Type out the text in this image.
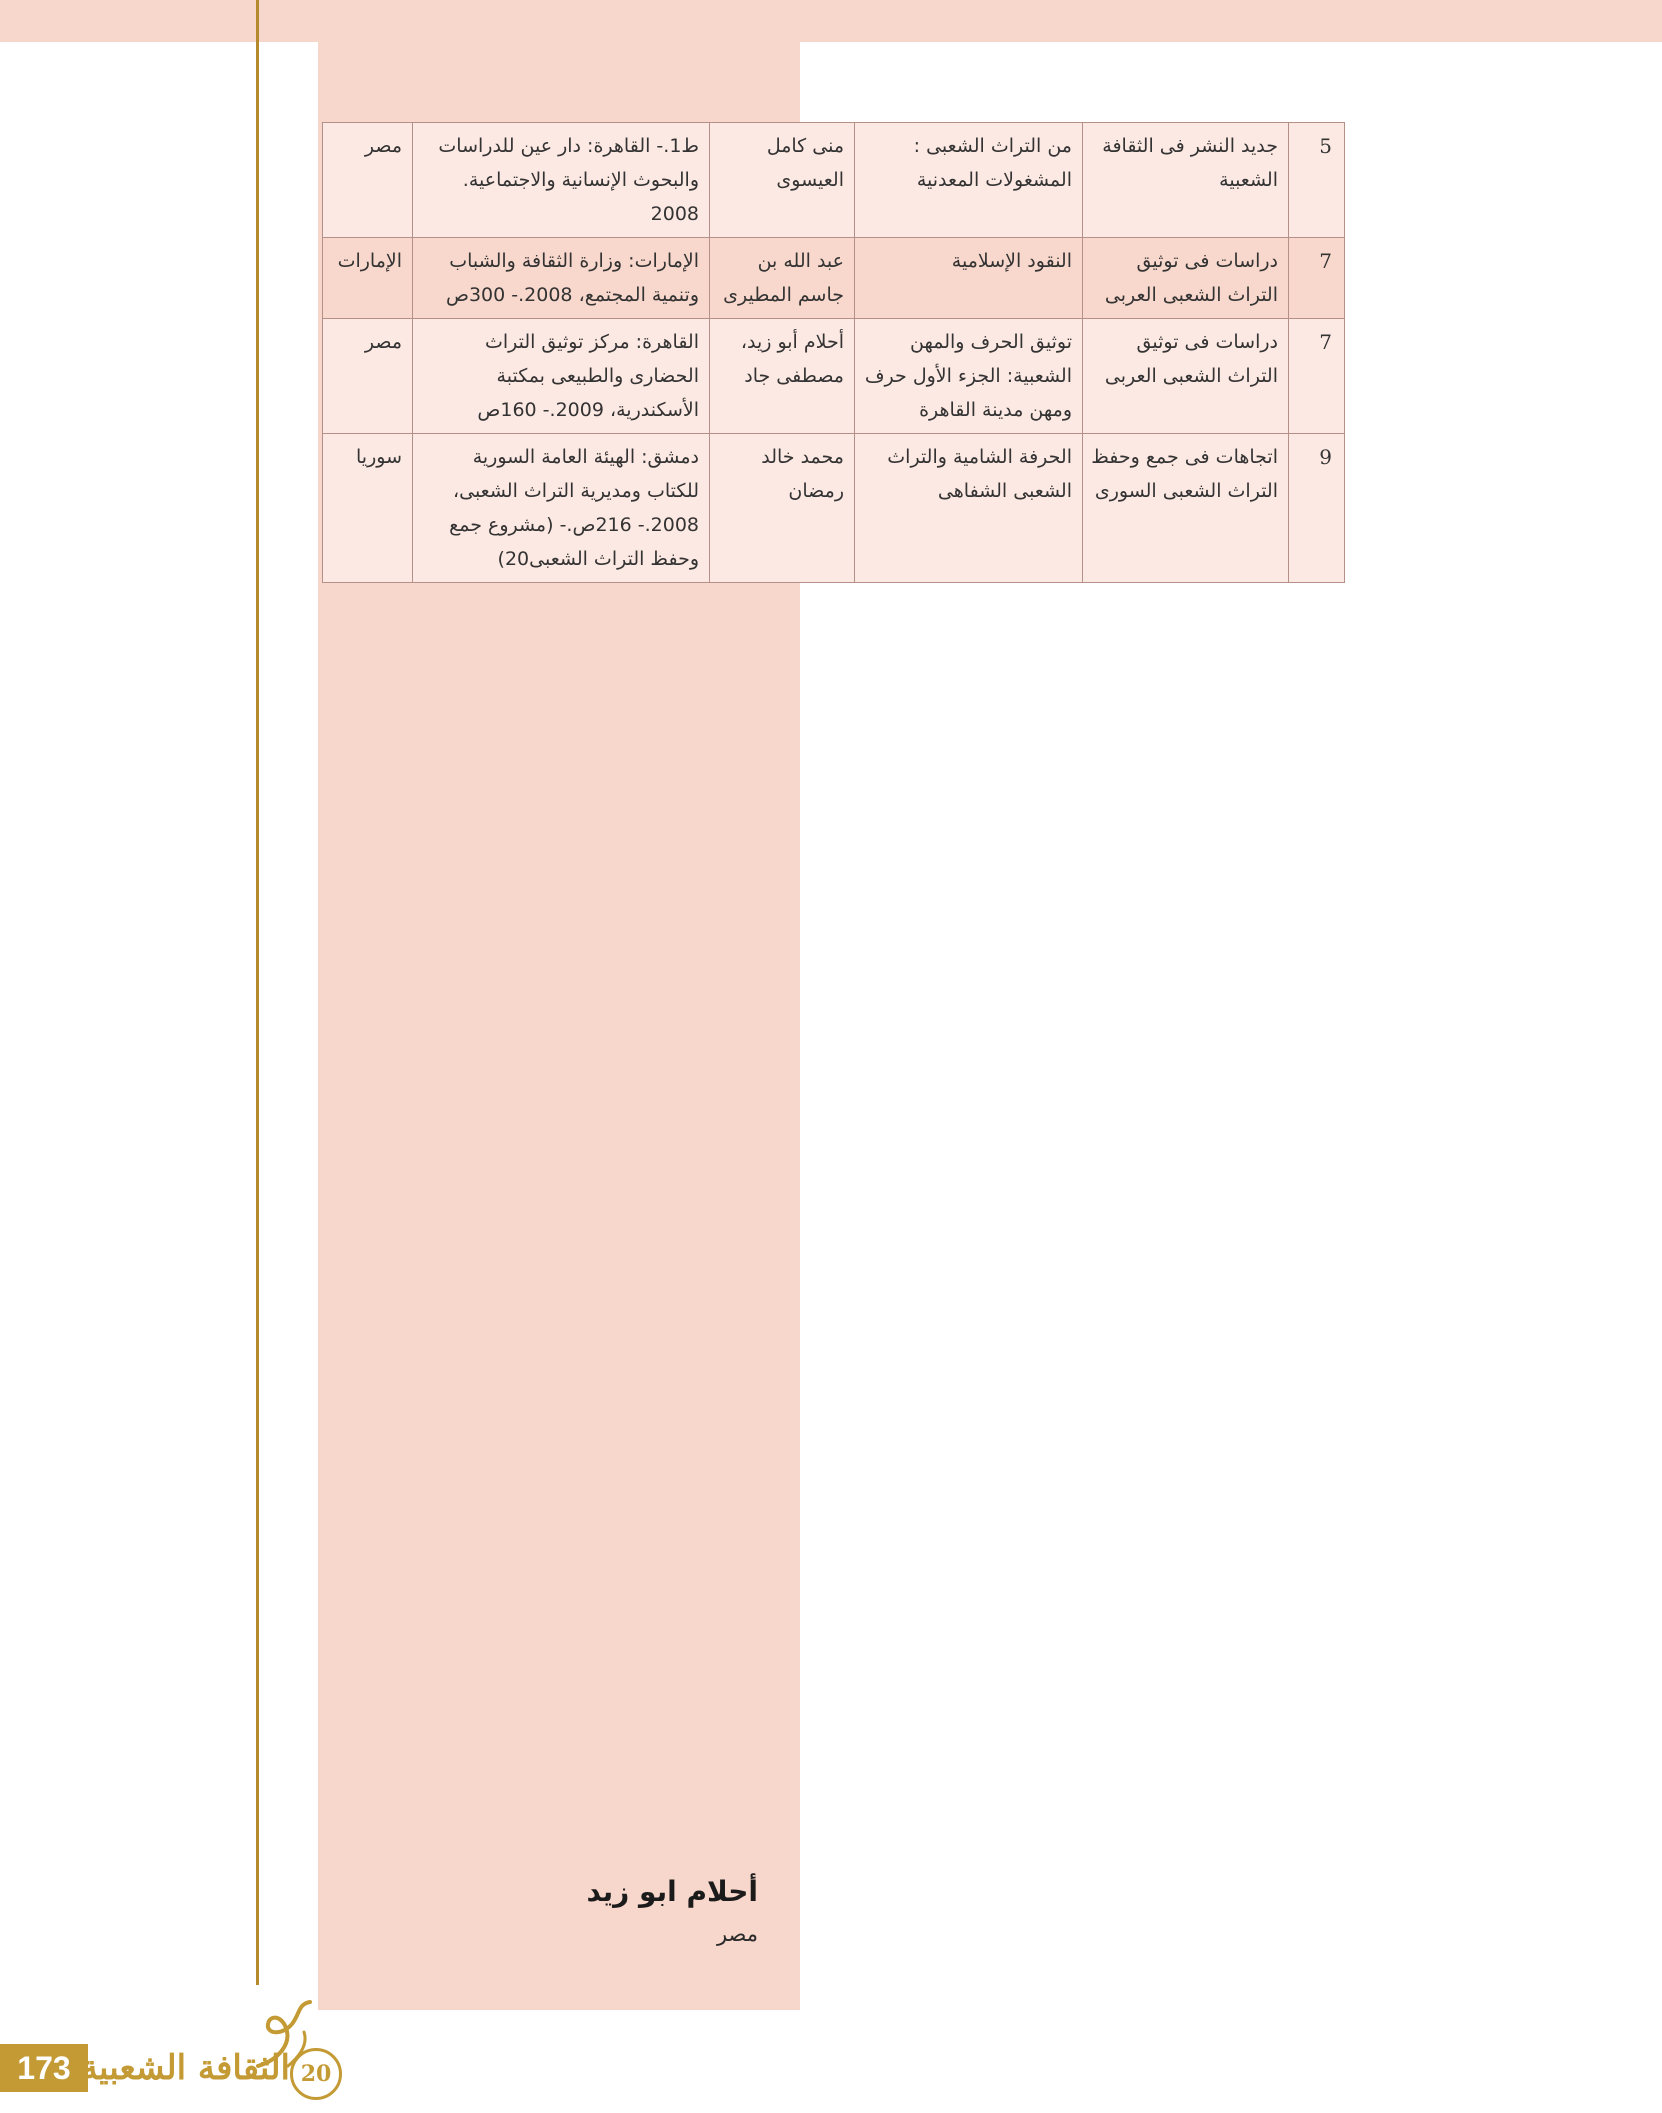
5	جديد النشر فى الثقافة الشعبية	من التراث الشعبى : المشغولات المعدنية	منى كامل العيسوى	ط1.- القاهرة: دار عين للدراسات والبحوث الإنسانية والاجتماعية. 2008	مصر
7	دراسات فى توثيق التراث الشعبى العربى	النقود الإسلامية	عبد الله بن جاسم المطيرى	الإمارات: وزارة الثقافة والشباب وتنمية المجتمع، 2008.- 300ص	الإمارات
7	دراسات فى توثيق التراث الشعبى العربى	توثيق الحرف والمهن الشعبية: الجزء الأول حرف ومهن مدينة القاهرة	أحلام أبو زيد، مصطفى جاد	القاهرة: مركز توثيق التراث الحضارى والطبيعى بمكتبة الأسكندرية، 2009.- 160ص	مصر
9	اتجاهات فى جمع وحفظ التراث الشعبى السورى	الحرفة الشامية والتراث الشعبى الشفاهى	محمد خالد رمضان	دمشق: الهيئة العامة السورية للكتاب ومديرية التراث الشعبى، 2008.- 216ص.- (مشروع جمع وحفظ التراث الشعبى20)	سوريا
أحلام ابو زيد
مصر
173 الثقافة الشعبية 20
